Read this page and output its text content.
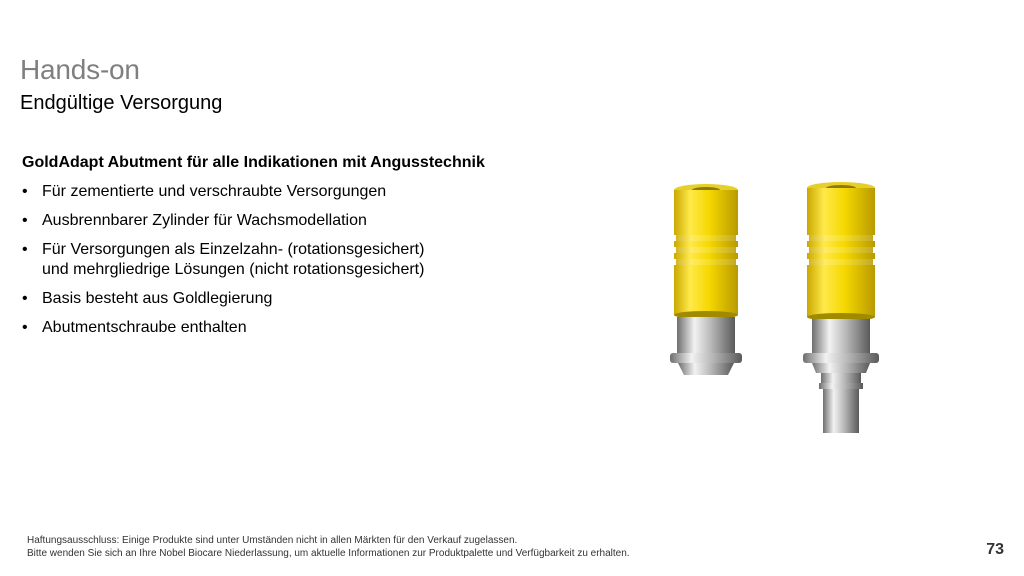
Hands-on
Endgültige Versorgung
GoldAdapt Abutment für alle Indikationen mit Angusstechnik
• Für zementierte und verschraubte Versorgungen
• Ausbrennbarer Zylinder für Wachsmodellation
• Für Versorgungen als Einzelzahn- (rotationsgesichert)
und mehrgliedrige Lösungen (nicht rotationsgesichert)
• Basis besteht aus Goldlegierung
• Abutmentschraube enthalten
Haftungsausschluss: Einige Produkte sind unter Umständen nicht in allen Märkten für den Verkauf zugelassen.
Bitte wenden Sie sich an Ihre Nobel Biocare Niederlassung, um aktuelle Informationen zur Produktpalette und Verfügbarkeit zu erhalten.	73
